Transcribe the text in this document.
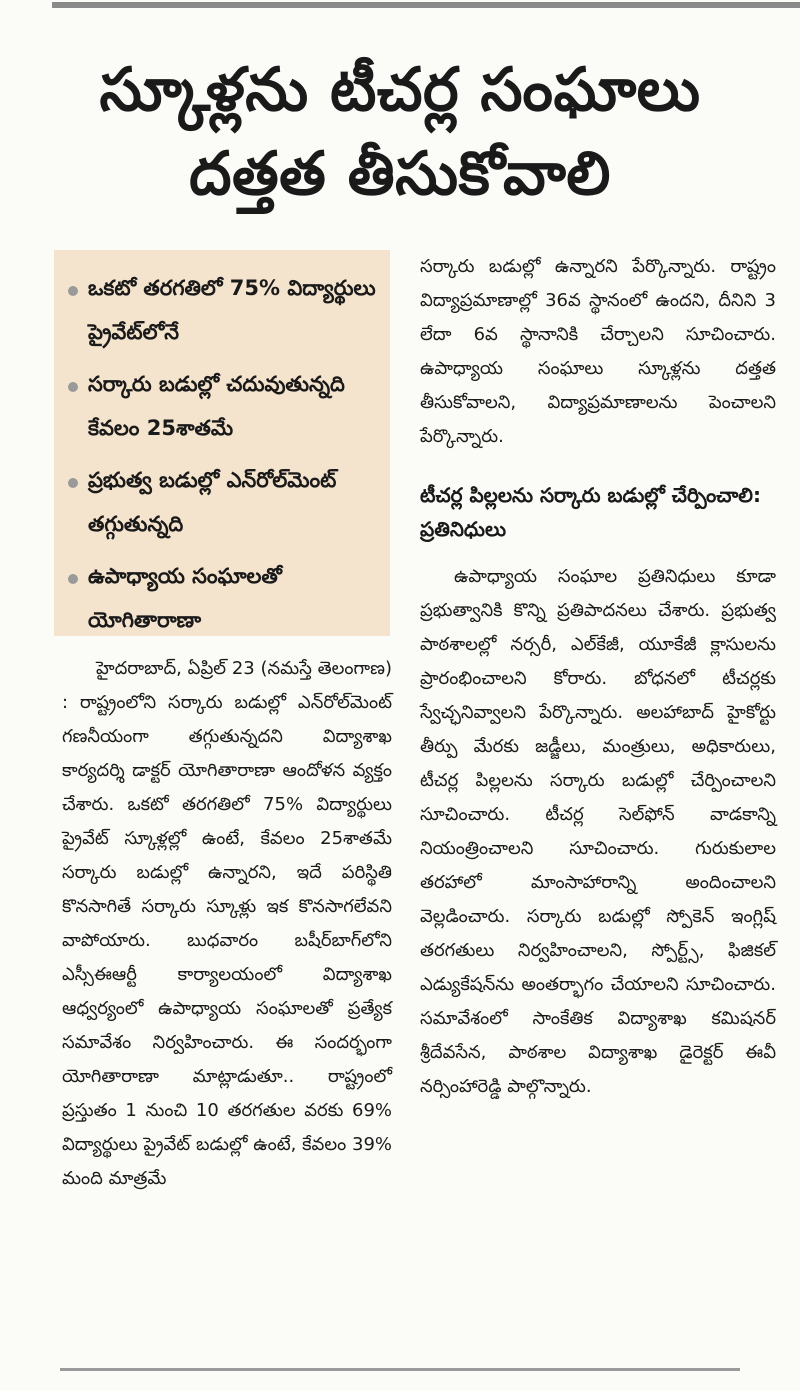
స్కూళ్లను టీచర్ల సంఘాలు
దత్తత తీసుకోవాలి
ఒకటో తరగతిలో 75% విద్యార్థులు ప్రైవేట్‌లోనే
సర్కారు బడుల్లో చదువుతున్నది కేవలం 25శాతమే
ప్రభుత్వ బడుల్లో ఎన్‌రోల్‌మెంట్ తగ్గుతున్నది
ఉపాధ్యాయ సంఘాలతో యోగితారాణా

హైదరాబాద్, ఏప్రిల్ 23 (నమస్తే తెలంగాణ) : రాష్ట్రంలోని సర్కారు బడుల్లో ఎన్‌రోల్‌మెంట్ గణనీయంగా తగ్గుతున్నదని విద్యాశాఖ కార్యదర్శి డాక్టర్ యోగితారాణా ఆందోళన వ్యక్తం చేశారు. ఒకటో తరగతిలో 75% విద్యార్థులు ప్రైవేట్ స్కూళ్లల్లో ఉంటే, కేవలం 25శాతమే సర్కారు బడుల్లో ఉన్నారని, ఇదే పరిస్థితి కొనసాగితే సర్కారు స్కూళ్లు ఇక కొనసాగలేవని వాపోయారు. బుధవారం బషీర్‌బాగ్‌లోని ఎస్సీఈఆర్టీ కార్యాలయంలో విద్యాశాఖ ఆధ్వర్యంలో ఉపాధ్యాయ సంఘాలతో ప్రత్యేక సమావేశం నిర్వహించారు. ఈ సందర్భంగా యోగితారాణా మాట్లాడుతూ.. రాష్ట్రంలో ప్రస్తుతం 1 నుంచి 10 తరగతుల వరకు 69% విద్యార్థులు ప్రైవేట్ బడుల్లో ఉంటే, కేవలం 39% మంది మాత్రమే

సర్కారు బడుల్లో ఉన్నారని పేర్కొన్నారు. రాష్ట్రం విద్యాప్రమాణాల్లో 36వ స్థానంలో ఉందని, దీనిని 3 లేదా 6వ స్థానానికి చేర్చాలని సూచించారు. ఉపాధ్యాయ సంఘాలు స్కూళ్లను దత్తత తీసుకోవాలని, విద్యాప్రమాణాలను పెంచాలని పేర్కొన్నారు.

టీచర్ల పిల్లలను సర్కారు బడుల్లో చేర్పించాలి: ప్రతినిధులు

ఉపాధ్యాయ సంఘాల ప్రతినిధులు కూడా ప్రభుత్వానికి కొన్ని ప్రతిపాదనలు చేశారు. ప్రభుత్వ పాఠశాలల్లో నర్సరీ, ఎల్‌కేజీ, యూకేజీ క్లాసులను ప్రారంభించాలని కోరారు. బోధనలో టీచర్లకు స్వేచ్ఛనివ్వాలని పేర్కొన్నారు. అలహాబాద్ హైకోర్టు తీర్పు మేరకు జడ్జీలు, మంత్రులు, అధికారులు, టీచర్ల పిల్లలను సర్కారు బడుల్లో చేర్పించాలని సూచించారు. టీచర్ల సెల్‌ఫోన్ వాడకాన్ని నియంత్రించాలని సూచించారు. గురుకులాల తరహాలో మాంసాహారాన్ని అందించాలని వెల్లడించారు. సర్కారు బడుల్లో స్పోకెన్ ఇంగ్లిష్ తరగతులు నిర్వహించాలని, స్పోర్ట్స్, ఫిజికల్ ఎడ్యుకేషన్‌ను అంతర్భాగం చేయాలని సూచించారు. సమావేశంలో సాంకేతిక విద్యాశాఖ కమిషనర్ శ్రీదేవసేన, పాఠశాల విద్యాశాఖ డైరెక్టర్ ఈవీ నర్సింహారెడ్డి పాల్గొన్నారు.
